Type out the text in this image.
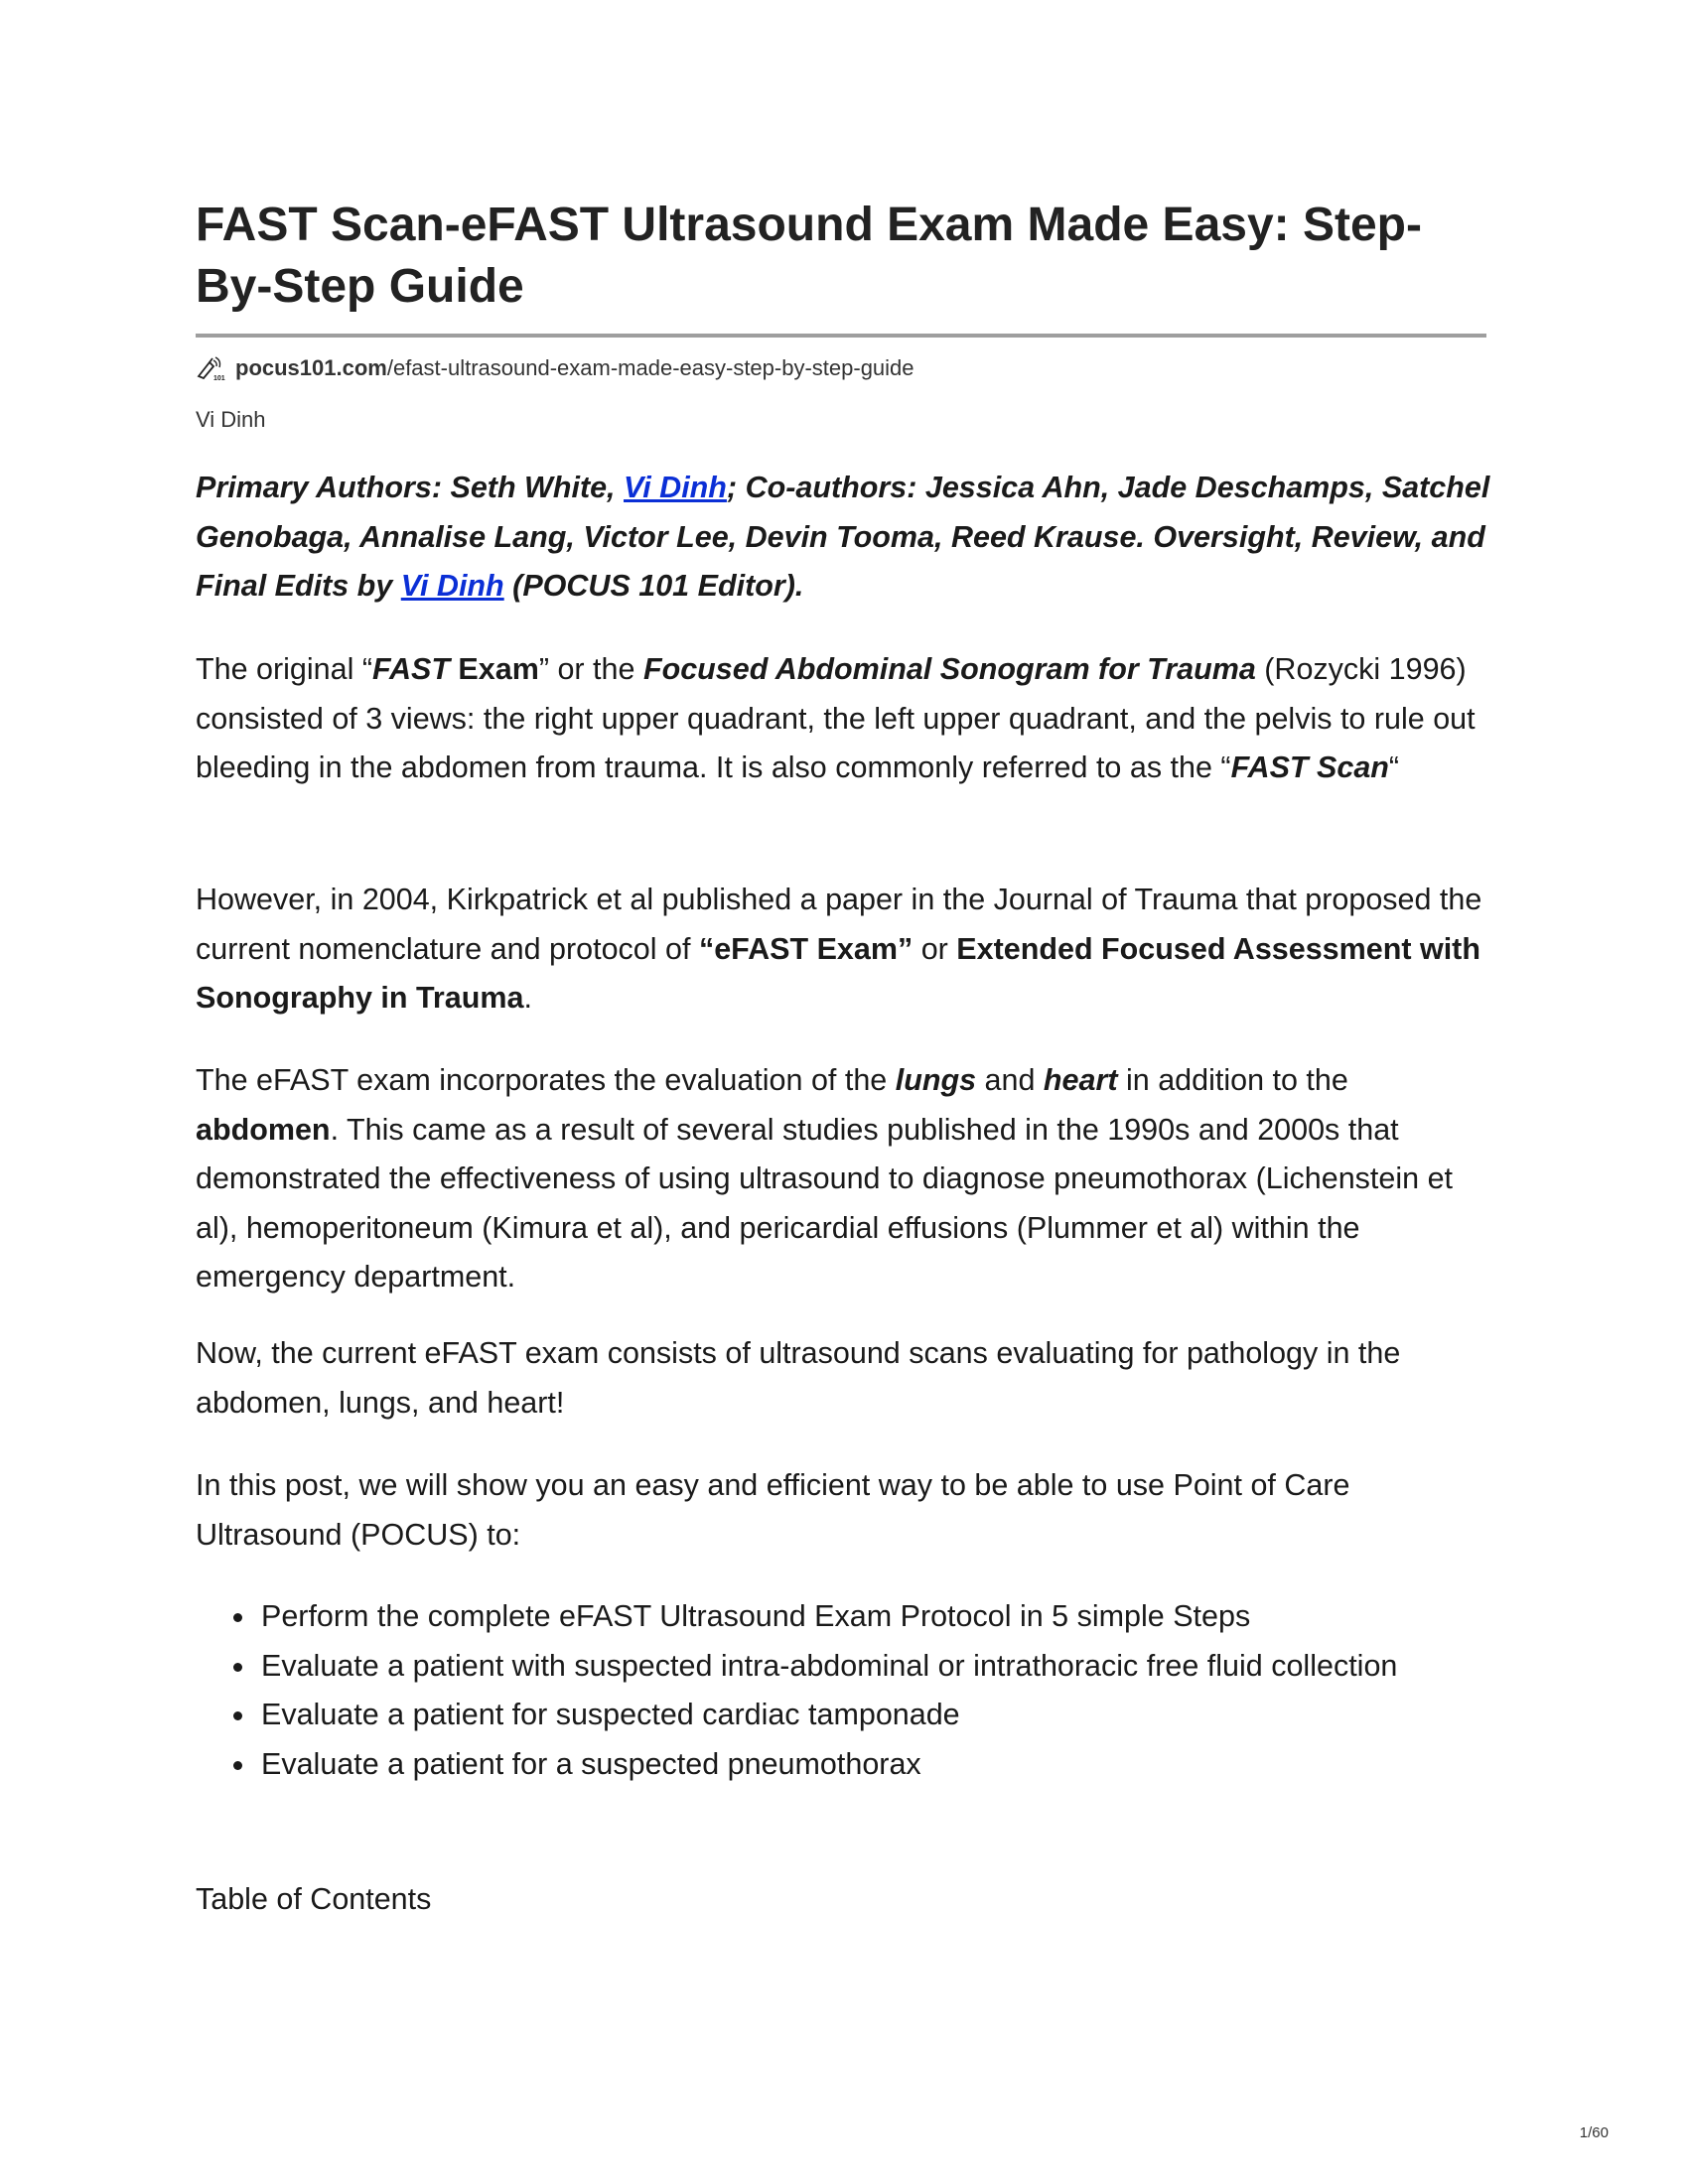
FAST Scan-eFAST Ultrasound Exam Made Easy: Step-By-Step Guide
101 pocus101.com /efast-ultrasound-exam-made-easy-step-by-step-guide
Vi Dinh

Primary Authors: Seth White, Vi Dinh; Co-authors: Jessica Ahn, Jade Deschamps, Satchel Genobaga, Annalise Lang, Victor Lee, Devin Tooma, Reed Krause. Oversight, Review, and Final Edits by Vi Dinh (POCUS 101 Editor).

The original “FAST Exam” or the Focused Abdominal Sonogram for Trauma (Rozycki 1996) consisted of 3 views: the right upper quadrant, the left upper quadrant, and the pelvis to rule out bleeding in the abdomen from trauma. It is also commonly referred to as the “FAST Scan“

However, in 2004, Kirkpatrick et al published a paper in the Journal of Trauma that proposed the current nomenclature and protocol of “eFAST Exam” or Extended Focused Assessment with Sonography in Trauma.

The eFAST exam incorporates the evaluation of the lungs and heart in addition to the abdomen. This came as a result of several studies published in the 1990s and 2000s that demonstrated the effectiveness of using ultrasound to diagnose pneumothorax (Lichenstein et al), hemoperitoneum (Kimura et al), and pericardial effusions (Plummer et al) within the emergency department.

Now, the current eFAST exam consists of ultrasound scans evaluating for pathology in the abdomen, lungs, and heart!

In this post, we will show you an easy and efficient way to be able to use Point of Care Ultrasound (POCUS) to:

Perform the complete eFAST Ultrasound Exam Protocol in 5 simple Steps
Evaluate a patient with suspected intra-abdominal or intrathoracic free fluid collection
Evaluate a patient for suspected cardiac tamponade
Evaluate a patient for a suspected pneumothorax
Table of Contents
1/60
